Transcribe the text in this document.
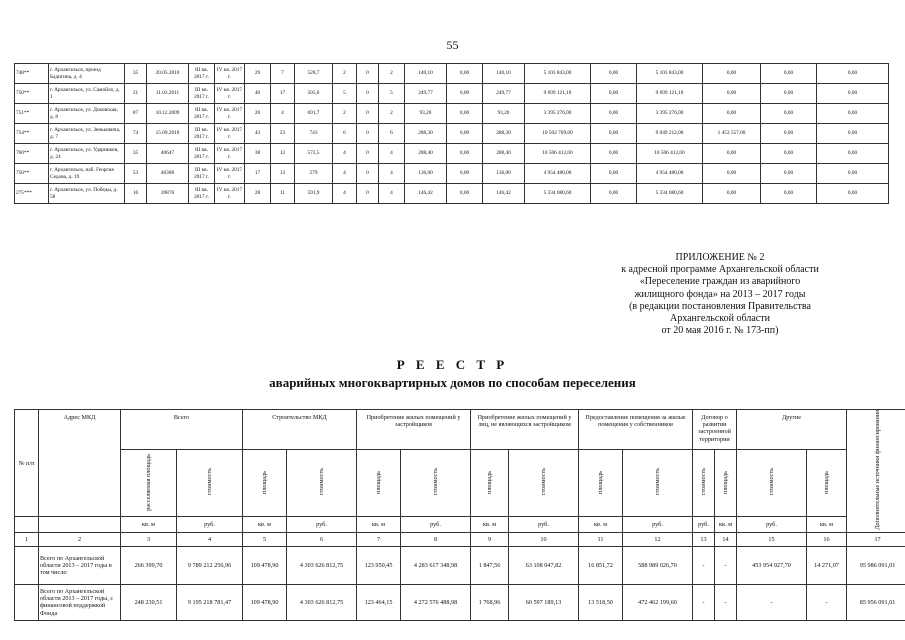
55
748**	г. Архангельск, проезд Бадигина, д. 4	35	20.05.2010	III кв. 2017 г.	IV кв. 2017 г.	29	7	528,7	2	0	2	140,10	0,00	140,10	5 103 843,00	0,00	5 103 843,00	0,00	0,00	0,00
750**	г. Архангельск, ул. Самойло, д. 1	21	11.03.2011	III кв. 2017 г.	IV кв. 2017 г.	40	17	505,6	5	0	5	249,77	0,00	249,77	9 099 121,10	0,00	9 099 121,10	0,00	0,00	0,00
751**	г. Архангельск, ул. Доковская, д. 8	87	10.12.2009	III кв. 2017 г.	IV кв. 2017 г.	20	4	691,7	2	0	2	93,20	0,00	93,20	3 395 276,00	0,00	3 395 276,00	0,00	0,00	0,00
754**	г. Архангельск, ул. Зеньковича, д. 7	74	15.09.2010	III кв. 2017 г.	IV кв. 2017 г.	43	23	743	6	0	6	288,30	0,00	288,30	10 502 769,00	0,00	9 049 212,00	1 453 557,00	0,00	0,00
760**	г. Архангельск, ул. Ударников, д. 24	35	40647	III кв. 2017 г.	IV кв. 2017 г.	38	12	572,5	4	0	4	288,40	0,00	288,40	10 506 412,00	0,00	10 506 412,00	0,00	0,00	0,00
756**	г. Архангельск, наб. Георгия Седова, д. 19	53	40388	III кв. 2017 г.	IV кв. 2017 г.	17	13	279	4	0	4	136,00	0,00	136,00	4 954 480,00	0,00	4 954 480,00	0,00	0,00	0,00
275***	г. Архангельск, ул. Победы, д. 58	16	39876	III кв. 2017 г.	IV кв. 2017 г.	28	11	591,9	4	0	4	146,42	0,00	146,42	5 334 080,60	0,00	5 334 080,60	0,00	0,00	0,00
ПРИЛОЖЕНИЕ № 2
к адресной программе Архангельской области
«Переселение граждан из аварийного
жилищного фонда» на 2013 – 2017 годы
(в редакции постановления Правительства
Архангельской области
от 20 мая 2016 г. № 173-пп)
Р Е Е С Т Р
аварийных многоквартирных домов по способам переселения
№ п/п	Адрес МКД	Всего		Строительство МКД		Приобретение жилых помещений у застройщиков		Приобретение жилых помещений у лиц, не являющихся застройщиком		Предоставление помещения за жилые помещения у собственников		Договор о развитии застроенной территории		Другие		Дополнительные источники финансирования	
		расселяемая площадь	стоимость	площадь	стоимость	площадь	стоимость	площадь	стоимость	площадь	стоимость	стоимость	площадь	стоимость	площадь		
		кв. м	руб.	кв. м	руб.	кв. м	руб.	кв. м	руб.	кв. м	руб.	руб.	кв. м	руб.	кв. м	
1	2	3	4	5	6	7	8	9	10	11	12	13	14	15	16	17	
	Всего по Архангельской области 2013 – 2017 годы в том числе:	266 399,70	9 789 212 256,96	109 478,90	4 303 626 812,75	123 950,45	4 283 617 348,98	1 847,56	63 108 047,82	16 851,72	588 989 026,70	-	-	453 954 927,70	14 271,07	95 986 091,01	
	Всего по Архангельской области 2013 – 2017 годы, с финансовой поддержкой Фонда	248 230,51	9 195 218 781,47	109 478,90	4 303 626 812,75	123 464,15	4 272 576 488,98	1 768,96	60 597 189,13	13 518,50	472 462 199,60	-	-	-	-	85 956 091,01	
